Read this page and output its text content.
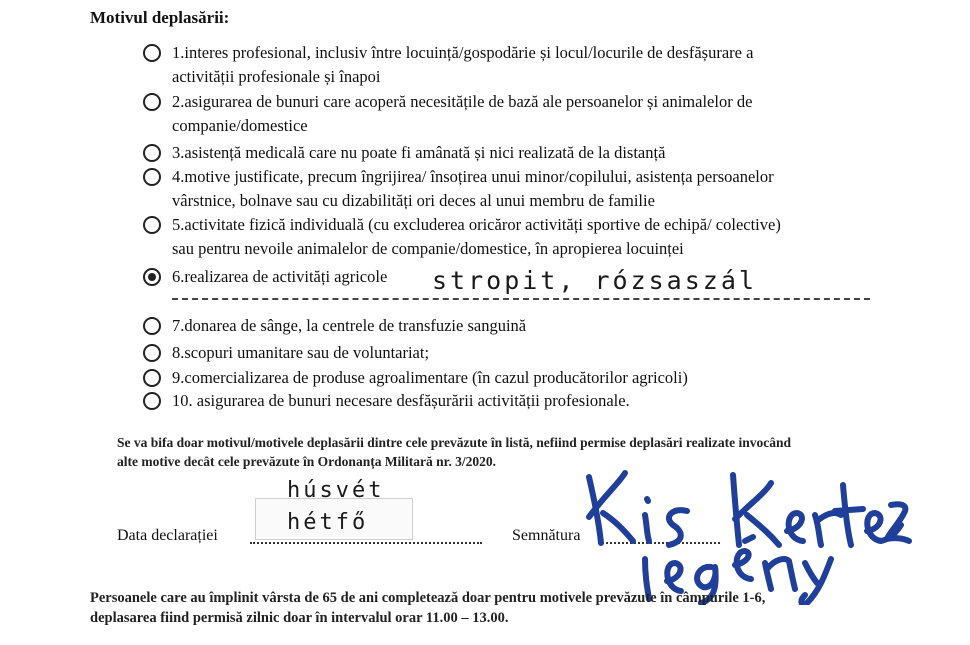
Motivul deplasării:
1.interes profesional, inclusiv între locuință/gospodărie și locul/locurile de desfășurare a
activității profesionale și înapoi
2.asigurarea de bunuri care acoperă necesitățile de bază ale persoanelor și animalelor de
companie/domestice
3.asistență medicală care nu poate fi amânată și nici realizată de la distanță
4.motive justificate, precum îngrijirea/ însoțirea unui minor/copilului, asistența persoanelor
vârstnice, bolnave sau cu dizabilități ori deces al unui membru de familie
5.activitate fizică individuală (cu excluderea oricăror activități sportive de echipă/ colective)
sau pentru nevoile animalelor de companie/domestice, în apropierea locuinței
6.realizarea de activități agricole	stropit, rózsaszál
7.donarea de sânge, la centrele de transfuzie sanguină
8.scopuri umanitare sau de voluntariat;
9.comercializarea de produse agroalimentare (în cazul producătorilor agricoli)
10. asigurarea de bunuri necesare desfășurării activității profesionale.
Se va bifa doar motivul/motivele deplasării dintre cele prevăzute în listă, nefiind permise deplasări realizate invocând
alte motive decât cele prevăzute în Ordonanța Militară nr. 3/2020.
húsvét
hétfő
Data declarației	Semnătura
Persoanele care au împlinit vârsta de 65 de ani completează doar pentru motivele prevăzute în câmpurile 1-6,
deplasarea fiind permisă zilnic doar în intervalul orar 11.00 – 13.00.
